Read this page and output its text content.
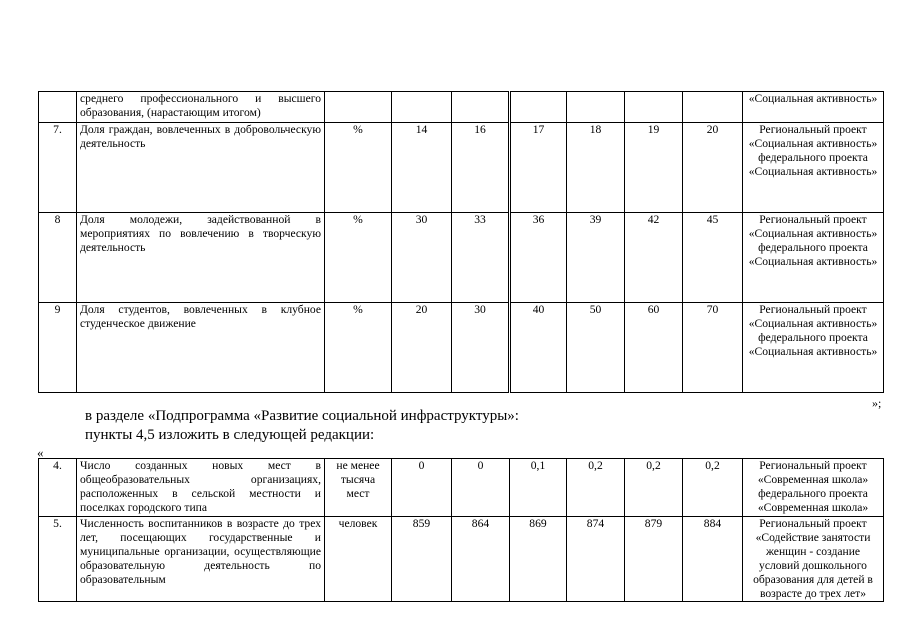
	среднего профессионального и высшего образования, (нарастающим итогом)								«Социальная активность»
7.	Доля граждан, вовлеченных в добровольческую деятельность	%	14	16	17	18	19	20	Региональный проект «Социальная активность» федерального проекта «Социальная активность»
8	Доля молодежи, задействованной в мероприятиях по вовлечению в творческую деятельность	%	30	33	36	39	42	45	Региональный проект «Социальная активность» федерального проекта «Социальная активность»
9	Доля студентов, вовлеченных в клубное студенческое движение	%	20	30	40	50	60	70	Региональный проект «Социальная активность» федерального проекта «Социальная активность»
»;
в разделе «Подпрограмма «Развитие социальной инфраструктуры»:
пункты 4,5 изложить в следующей редакции:
«
4.	Число созданных новых мест в общеобразовательных организациях, расположенных в сельской местности и поселках городского типа	не менее тысяча мест	0	0	0,1	0,2	0,2	0,2	Региональный проект «Современная школа» федерального проекта «Современная школа»
5.	Численность воспитанников в возрасте до трех лет, посещающих государственные и муниципальные организации, осуществляющие образовательную деятельность по образовательным	человек	859	864	869	874	879	884	Региональный проект «Содействие занятости женщин - создание условий дошкольного образования для детей в возрасте до трех лет»
